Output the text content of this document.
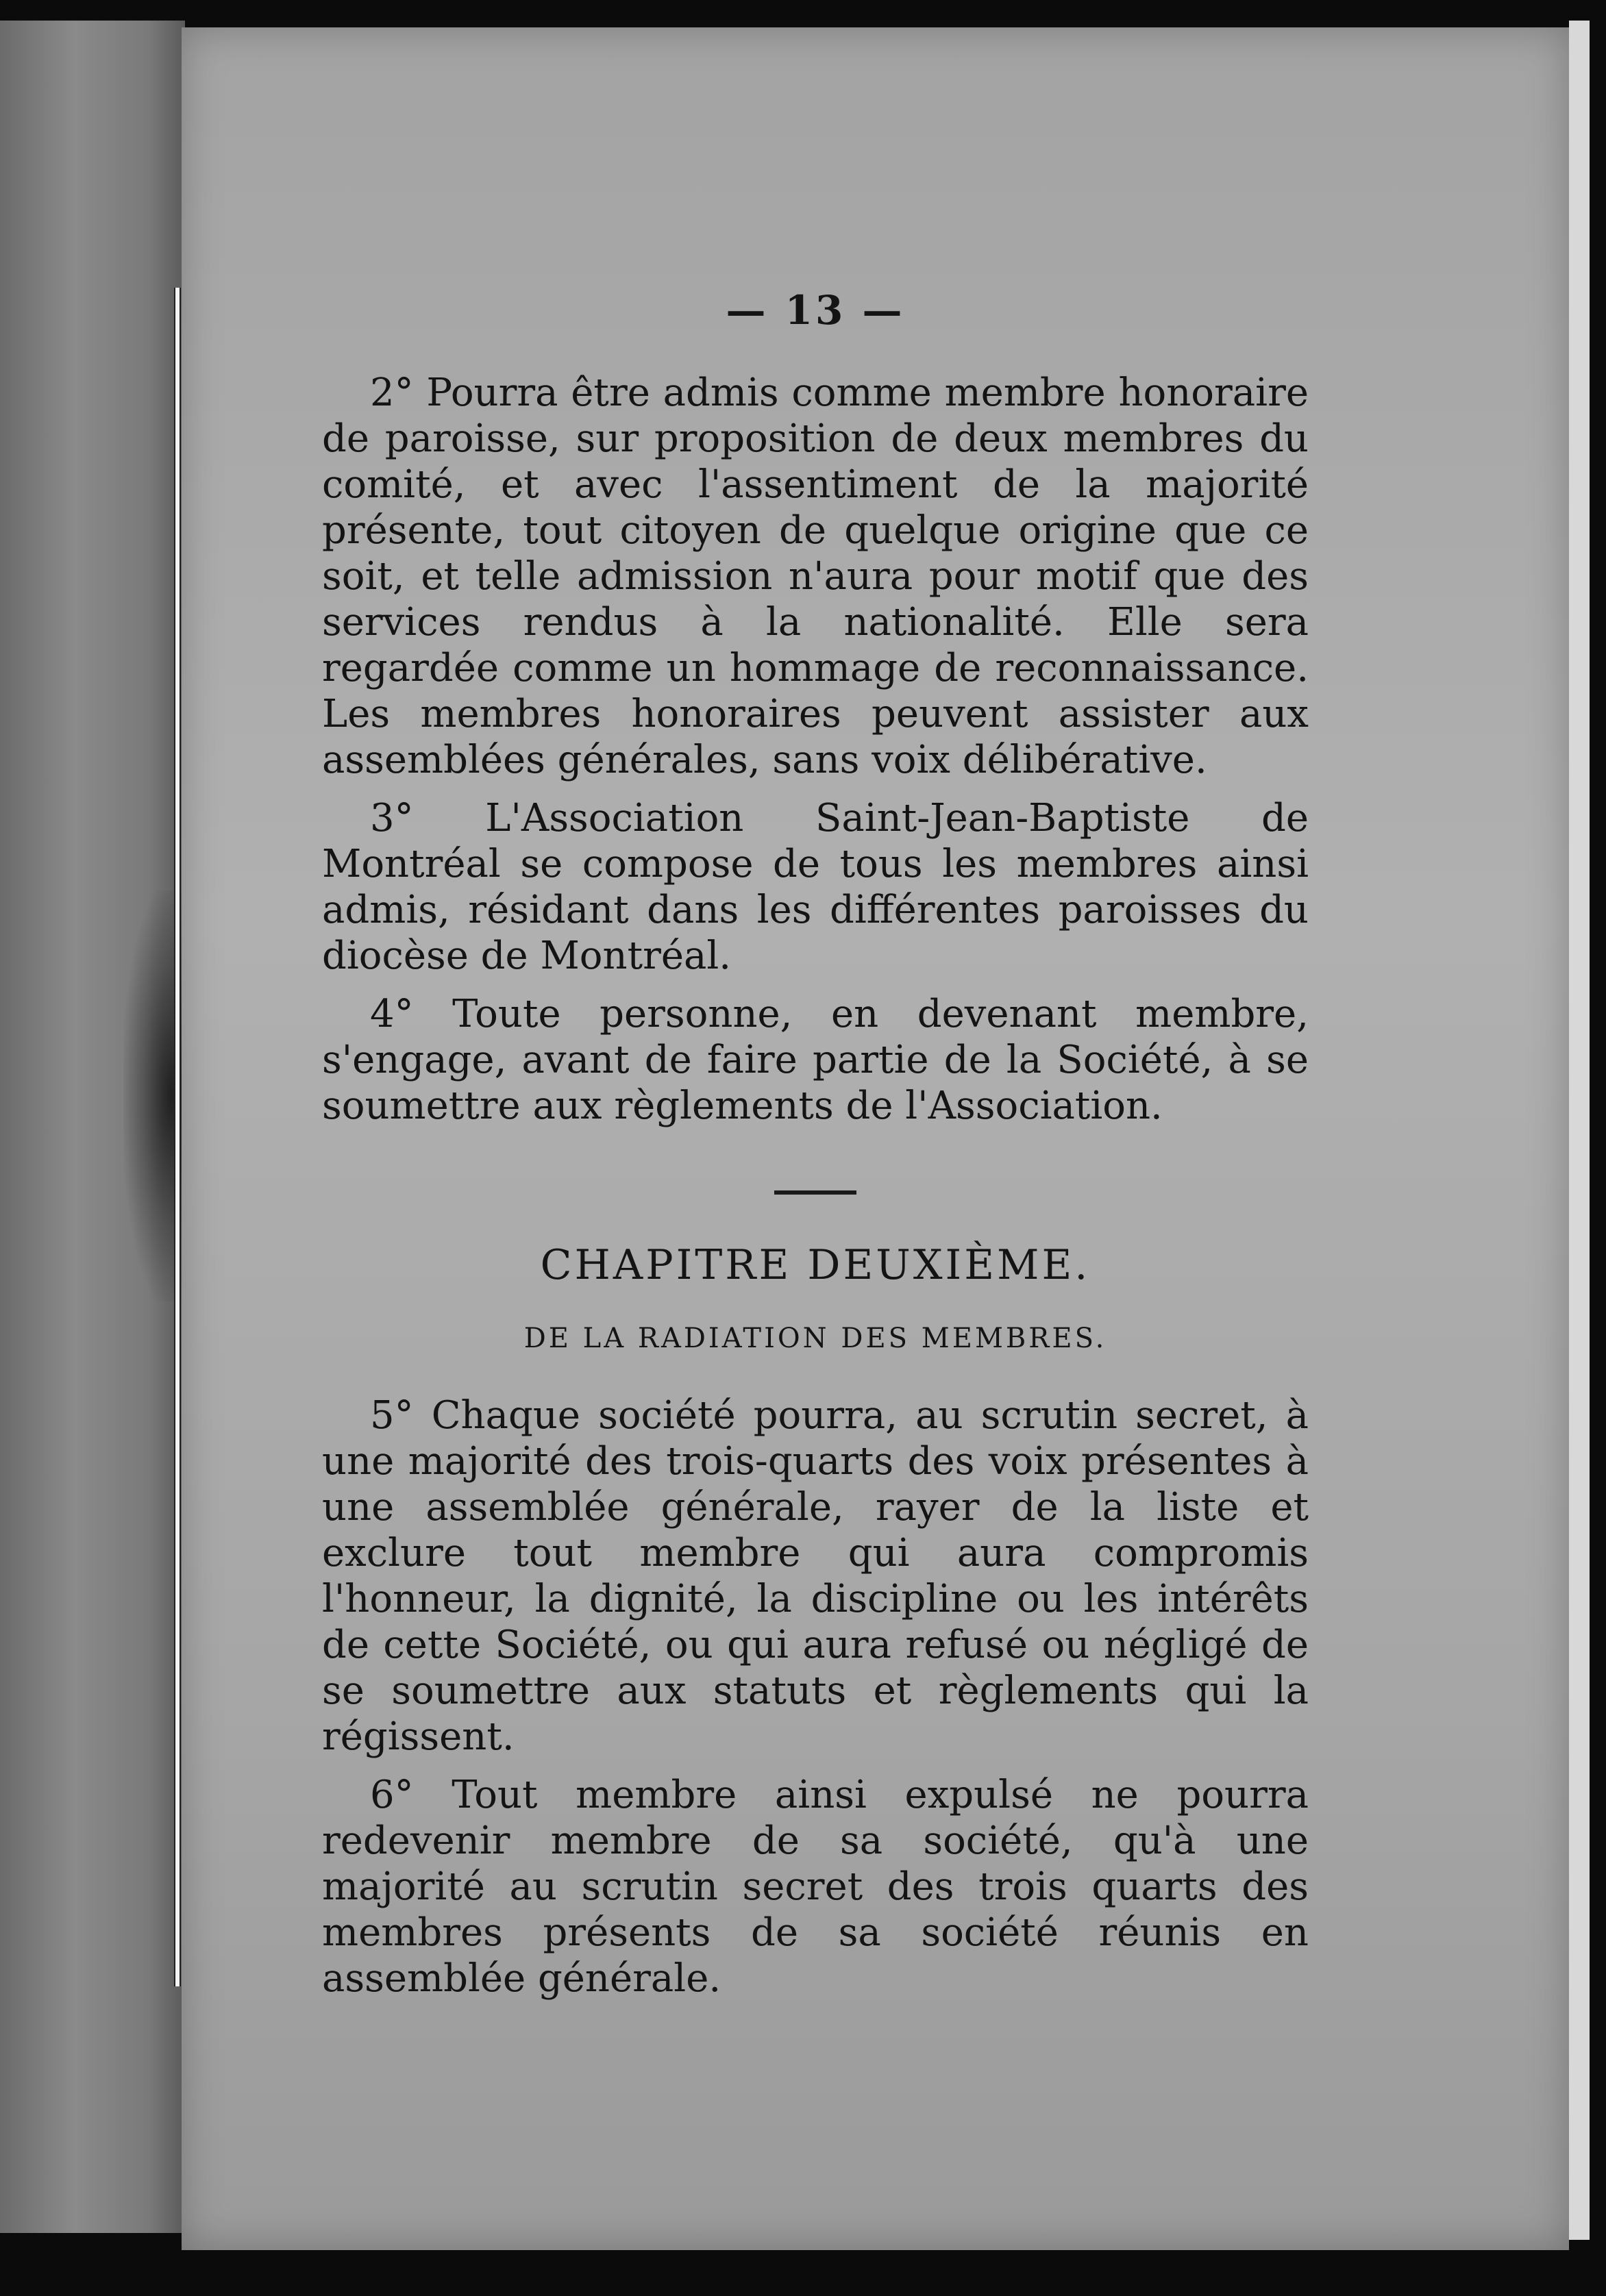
— 13 —

2° Pourra être admis comme membre honoraire de paroisse, sur proposition de deux membres du comité, et avec l'assentiment de la majorité présente, tout citoyen de quelque origine que ce soit, et telle admission n'aura pour motif que des services rendus à la nationalité. Elle sera regardée comme un hommage de reconnaissance. Les membres honoraires peuvent assister aux assemblées générales, sans voix délibérative.

3° L'Association Saint-Jean-Baptiste de Montréal se compose de tous les membres ainsi admis, résidant dans les différentes paroisses du diocèse de Montréal.

4° Toute personne, en devenant membre, s'engage, avant de faire partie de la Société, à se soumettre aux règlements de l'Association.

CHAPITRE DEUXIÈME.

DE LA RADIATION DES MEMBRES.

5° Chaque société pourra, au scrutin secret, à une majorité des trois-quarts des voix présentes à une assemblée générale, rayer de la liste et exclure tout membre qui aura compromis l'honneur, la dignité, la discipline ou les intérêts de cette Société, ou qui aura refusé ou négligé de se soumettre aux statuts et règlements qui la régissent.

6° Tout membre ainsi expulsé ne pourra redevenir membre de sa société, qu'à une majorité au scrutin secret des trois quarts des membres présents de sa société réunis en assemblée générale.
